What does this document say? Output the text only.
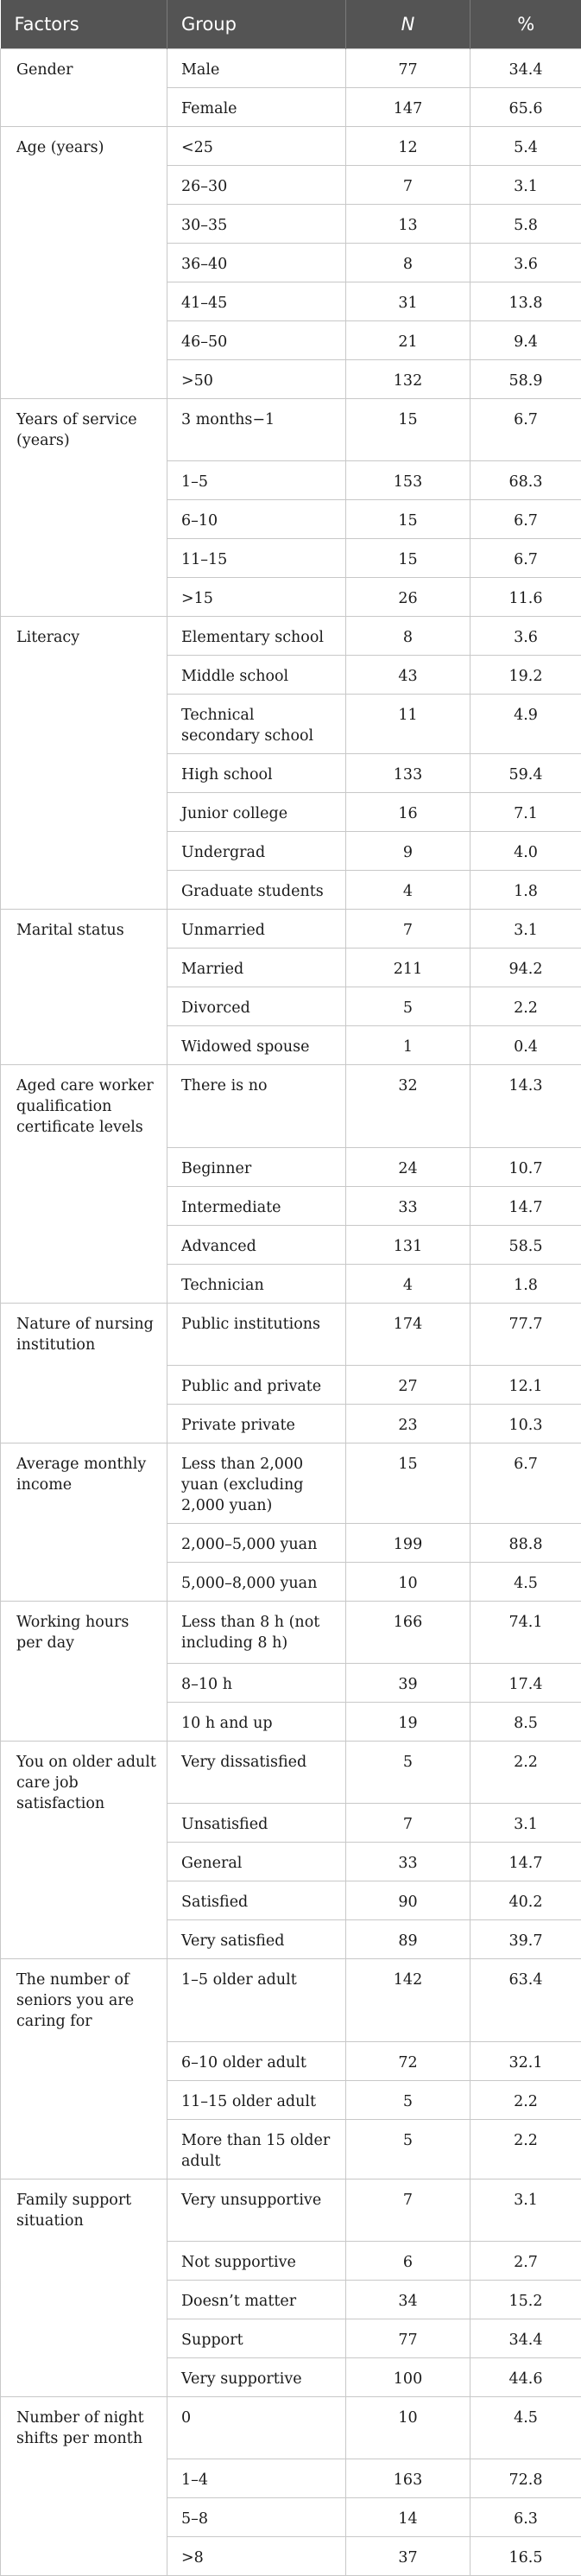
Factors	Group	N	%
Gender	Male	77	34.4
	Female	147	65.6
Age (years)	<25	12	5.4
	26–30	7	3.1
	30–35	13	5.8
	36–40	8	3.6
	41–45	31	13.8
	46–50	21	9.4
	>50	132	58.9
Years of service (years)	3 months−1	15	6.7
	1–5	153	68.3
	6–10	15	6.7
	11–15	15	6.7
	>15	26	11.6
Literacy	Elementary school	8	3.6
	Middle school	43	19.2
	Technical secondary school	11	4.9
	High school	133	59.4
	Junior college	16	7.1
	Undergrad	9	4.0
	Graduate students	4	1.8
Marital status	Unmarried	7	3.1
	Married	211	94.2
	Divorced	5	2.2
	Widowed spouse	1	0.4
Aged care worker qualification certificate levels	There is no	32	14.3
	Beginner	24	10.7
	Intermediate	33	14.7
	Advanced	131	58.5
	Technician	4	1.8
Nature of nursing institution	Public institutions	174	77.7
	Public and private	27	12.1
	Private private	23	10.3
Average monthly income	Less than 2,000 yuan (excluding 2,000 yuan)	15	6.7
	2,000–5,000 yuan	199	88.8
	5,000–8,000 yuan	10	4.5
Working hours per day	Less than 8 h (not including 8 h)	166	74.1
	8–10 h	39	17.4
	10 h and up	19	8.5
You on older adult care job satisfaction	Very dissatisfied	5	2.2
	Unsatisfied	7	3.1
	General	33	14.7
	Satisfied	90	40.2
	Very satisfied	89	39.7
The number of seniors you are caring for	1–5 older adult	142	63.4
	6–10 older adult	72	32.1
	11–15 older adult	5	2.2
	More than 15 older adult	5	2.2
Family support situation	Very unsupportive	7	3.1
	Not supportive	6	2.7
	Doesn’t matter	34	15.2
	Support	77	34.4
	Very supportive	100	44.6
Number of night shifts per month	0	10	4.5
	1–4	163	72.8
	5–8	14	6.3
	>8	37	16.5
